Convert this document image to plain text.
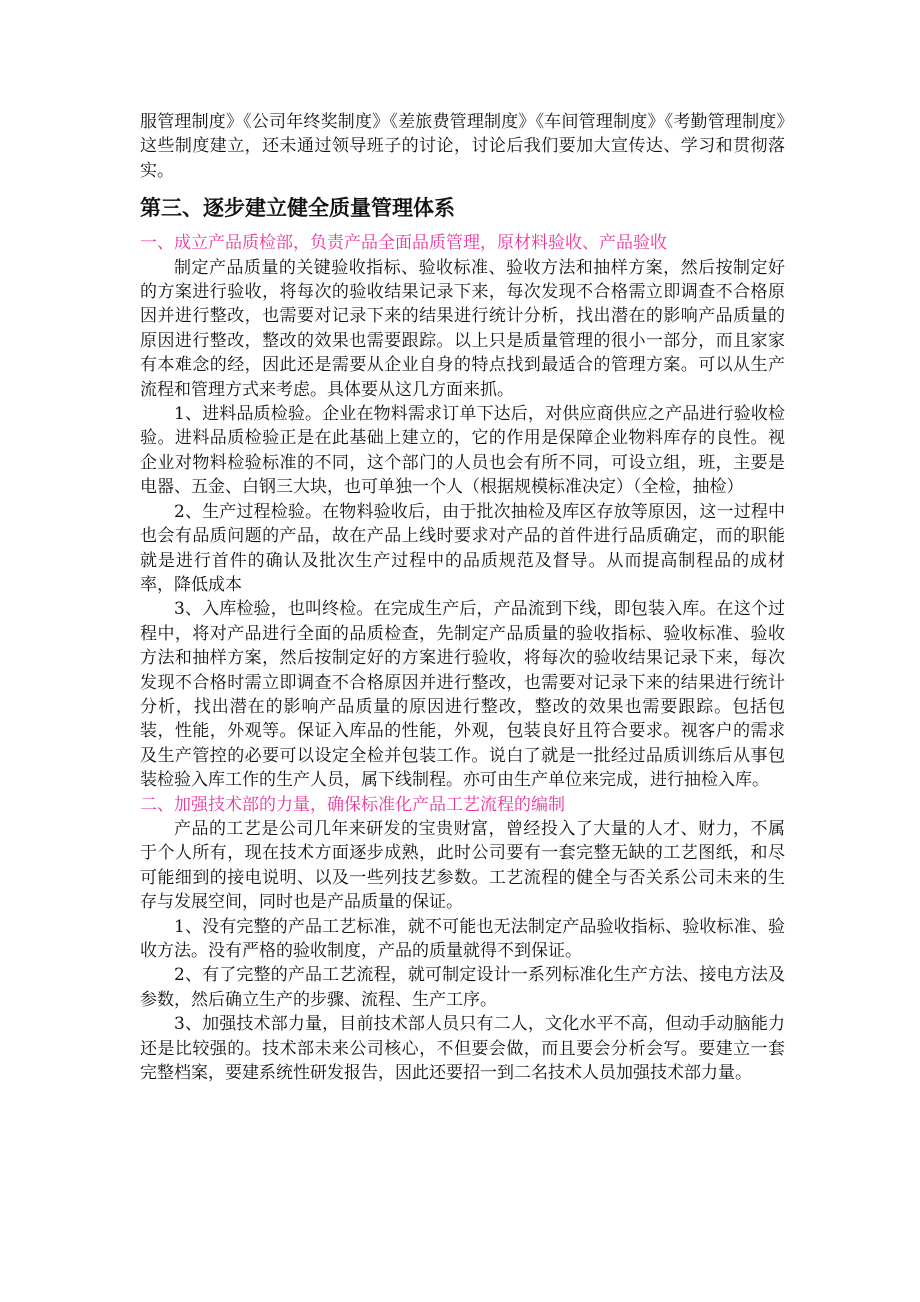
服管理制度》《公司年终奖制度》《差旅费管理制度》《车间管理制度》《考勤管理制度》这些制度建立，还未通过领导班子的讨论，讨论后我们要加大宣传达、学习和贯彻落实。

第三、逐步建立健全质量管理体系

一、成立产品质检部，负责产品全面品质管理，原材料验收、产品验收

制定产品质量的关键验收指标、验收标准、验收方法和抽样方案，然后按制定好的方案进行验收，将每次的验收结果记录下来，每次发现不合格需立即调查不合格原因并进行整改，也需要对记录下来的结果进行统计分析，找出潜在的影响产品质量的原因进行整改，整改的效果也需要跟踪。以上只是质量管理的很小一部分，而且家家有本难念的经，因此还是需要从企业自身的特点找到最适合的管理方案。可以从生产流程和管理方式来考虑。具体要从这几方面来抓。

1、进料品质检验。企业在物料需求订单下达后，对供应商供应之产品进行验收检验。进料品质检验正是在此基础上建立的，它的作用是保障企业物料库存的良性。视企业对物料检验标准的不同，这个部门的人员也会有所不同，可设立组，班，主要是电器、五金、白钢三大块，也可单独一个人（根据规模标准决定）（全检，抽检）

2、生产过程检验。在物料验收后，由于批次抽检及库区存放等原因，这一过程中也会有品质问题的产品，故在产品上线时要求对产品的首件进行品质确定，而的职能就是进行首件的确认及批次生产过程中的品质规范及督导。从而提高制程品的成材率，降低成本

3、入库检验，也叫终检。在完成生产后，产品流到下线，即包装入库。在这个过程中，将对产品进行全面的品质检查，先制定产品质量的验收指标、验收标准、验收方法和抽样方案，然后按制定好的方案进行验收，将每次的验收结果记录下来，每次发现不合格时需立即调查不合格原因并进行整改，也需要对记录下来的结果进行统计分析，找出潜在的影响产品质量的原因进行整改，整改的效果也需要跟踪。包括包装，性能，外观等。保证入库品的性能，外观，包装良好且符合要求。视客户的需求及生产管控的必要可以设定全检并包装工作。说白了就是一批经过品质训练后从事包装检验入库工作的生产人员，属下线制程。亦可由生产单位来完成，进行抽检入库。

二、加强技术部的力量，确保标准化产品工艺流程的编制

产品的工艺是公司几年来研发的宝贵财富，曾经投入了大量的人才、财力，不属于个人所有，现在技术方面逐步成熟，此时公司要有一套完整无缺的工艺图纸，和尽可能细到的接电说明、以及一些列技艺参数。工艺流程的健全与否关系公司未来的生存与发展空间，同时也是产品质量的保证。

1、没有完整的产品工艺标准，就不可能也无法制定产品验收指标、验收标准、验收方法。没有严格的验收制度，产品的质量就得不到保证。

2、有了完整的产品工艺流程，就可制定设计一系列标准化生产方法、接电方法及参数，然后确立生产的步骤、流程、生产工序。

3、加强技术部力量，目前技术部人员只有二人，文化水平不高，但动手动脑能力还是比较强的。技术部未来公司核心，不但要会做，而且要会分析会写。要建立一套完整档案，要建系统性研发报告，因此还要招一到二名技术人员加强技术部力量。
